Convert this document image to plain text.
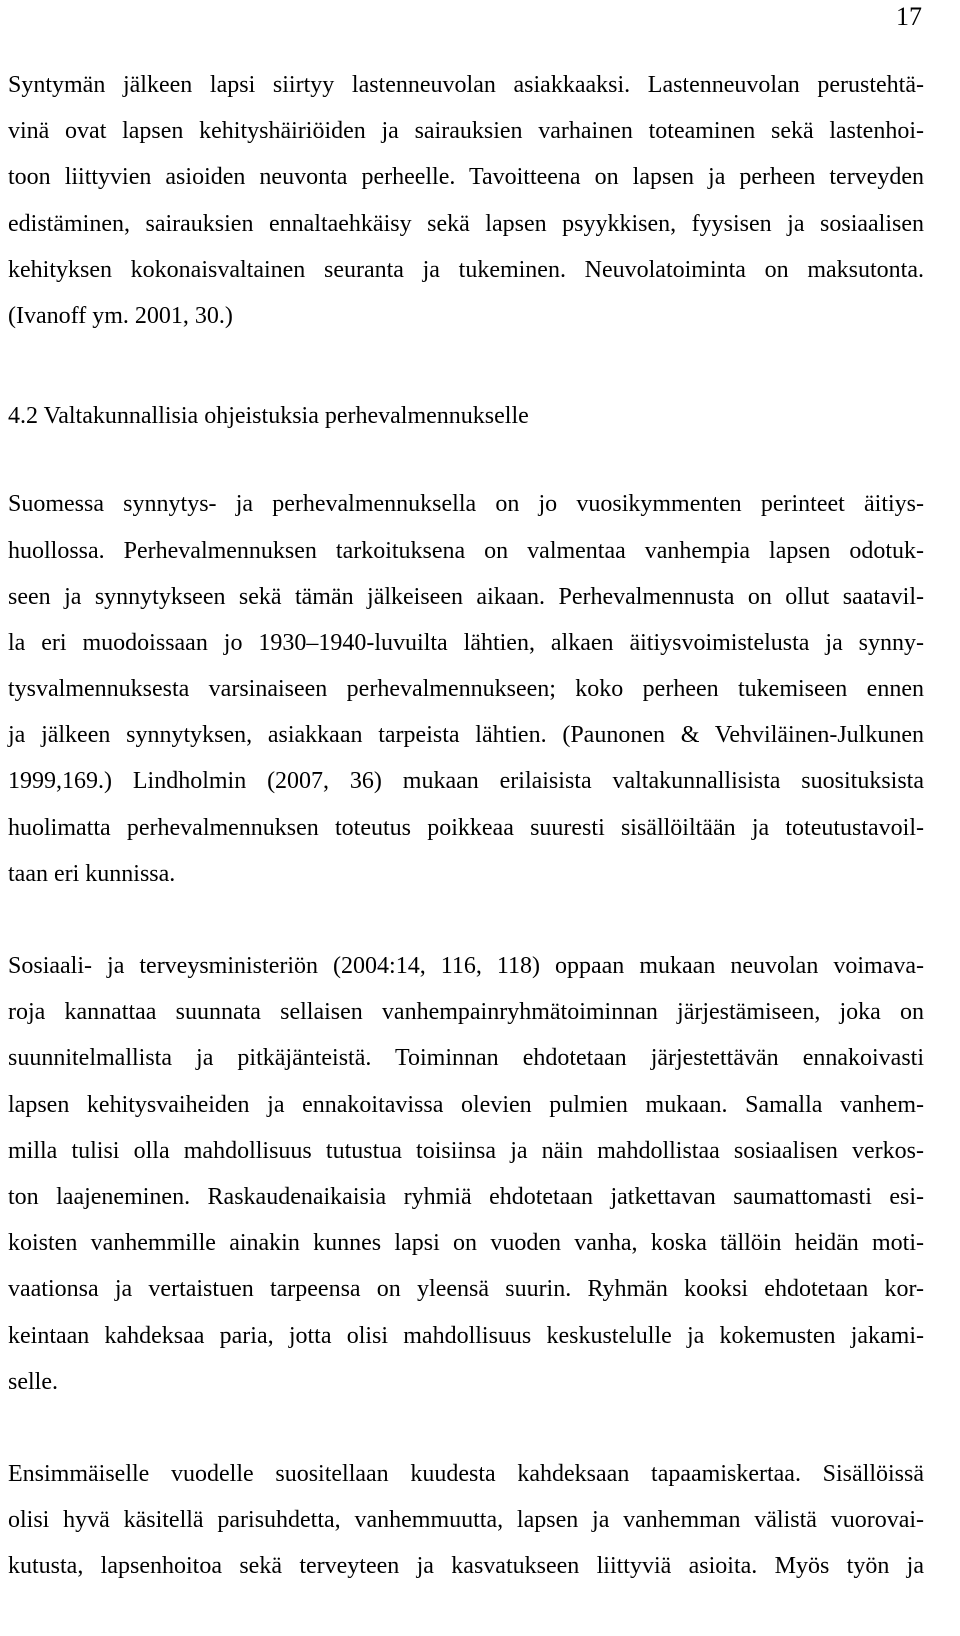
17
Syntymän jälkeen lapsi siirtyy lastenneuvolan asiakkaaksi. Lastenneuvolan perustehtä-
vinä ovat lapsen kehityshäiriöiden ja sairauksien varhainen toteaminen sekä lastenhoi-
toon liittyvien asioiden neuvonta perheelle. Tavoitteena on lapsen ja perheen terveyden
edistäminen, sairauksien ennaltaehkäisy sekä lapsen psyykkisen, fyysisen ja sosiaalisen
kehityksen kokonaisvaltainen seuranta ja tukeminen. Neuvolatoiminta on maksutonta.
(Ivanoff ym. 2001, 30.)
4.2 Valtakunnallisia ohjeistuksia perhevalmennukselle
Suomessa synnytys- ja perhevalmennuksella on jo vuosikymmenten perinteet äitiys-
huollossa. Perhevalmennuksen tarkoituksena on valmentaa vanhempia lapsen odotuk-
seen ja synnytykseen sekä tämän jälkeiseen aikaan. Perhevalmennusta on ollut saatavil-
la eri muodoissaan jo 1930–1940-luvuilta lähtien, alkaen äitiysvoimistelusta ja synny-
tysvalmennuksesta varsinaiseen perhevalmennukseen; koko perheen tukemiseen ennen
ja jälkeen synnytyksen, asiakkaan tarpeista lähtien. (Paunonen & Vehviläinen-Julkunen
1999,169.) Lindholmin (2007, 36) mukaan erilaisista valtakunnallisista suosituksista
huolimatta perhevalmennuksen toteutus poikkeaa suuresti sisällöiltään ja toteutustavoil-
taan eri kunnissa.
Sosiaali- ja terveysministeriön (2004:14, 116, 118) oppaan mukaan neuvolan voimava-
roja kannattaa suunnata sellaisen vanhempainryhmätoiminnan järjestämiseen, joka on
suunnitelmallista ja pitkäjänteistä. Toiminnan ehdotetaan järjestettävän ennakoivasti
lapsen kehitysvaiheiden ja ennakoitavissa olevien pulmien mukaan. Samalla vanhem-
milla tulisi olla mahdollisuus tutustua toisiinsa ja näin mahdollistaa sosiaalisen verkos-
ton laajeneminen. Raskaudenaikaisia ryhmiä ehdotetaan jatkettavan saumattomasti esi-
koisten vanhemmille ainakin kunnes lapsi on vuoden vanha, koska tällöin heidän moti-
vaationsa ja vertaistuen tarpeensa on yleensä suurin. Ryhmän kooksi ehdotetaan kor-
keintaan kahdeksaa paria, jotta olisi mahdollisuus keskustelulle ja kokemusten jakami-
selle.
Ensimmäiselle vuodelle suositellaan kuudesta kahdeksaan tapaamiskertaa. Sisällöissä
olisi hyvä käsitellä parisuhdetta, vanhemmuutta, lapsen ja vanhemman välistä vuorovai-
kutusta, lapsenhoitoa sekä terveyteen ja kasvatukseen liittyviä asioita. Myös työn ja
